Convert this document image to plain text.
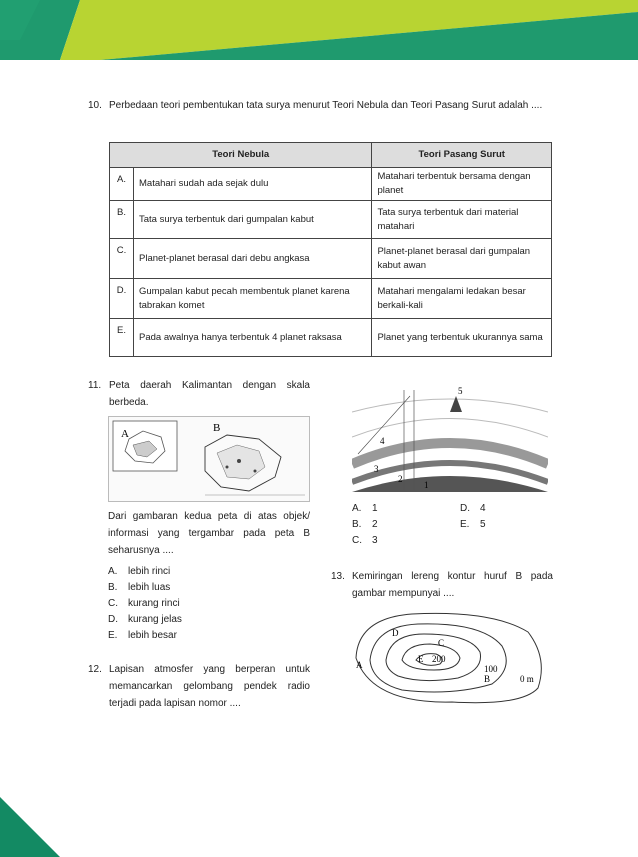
10. Perbedaan teori pembentukan tata surya menurut Teori Nebula dan Teori Pasang Surut adalah ....
Teori Nebula		Teori Pasang Surut
A.	Matahari sudah ada sejak dulu	Matahari terbentuk bersama dengan planet
B.	Tata surya terbentuk dari gumpalan kabut	Tata surya terbentuk dari material matahari
C.	Planet-planet berasal dari debu angkasa	Planet-planet berasal dari gumpalan kabut awan
D.	Gumpalan kabut pecah membentuk planet karena tabrakan komet	Matahari mengalami ledakan besar berkali-kali
E.	Pada awalnya hanya terbentuk 4 planet raksasa	Planet yang terbentuk ukurannya sama
11. Peta daerah Kalimantan dengan skala berbeda.
A	B
Dari gambaran kedua peta di atas objek/ informasi yang tergambar pada peta B seharusnya ....
A. lebih rinci
B. lebih luas
C. kurang rinci
D. kurang jelas
E. lebih besar
12. Lapisan atmosfer yang berperan untuk memancarkan gelombang pendek radio terjadi pada lapisan nomor ....
4
5
3
2
1
A. 1
B. 2
C. 3
D. 4
E. 5
13. Kemiringan lereng kontur huruf B pada gambar mempunyai ....
A
D
C
E 200
100
B	0 m
